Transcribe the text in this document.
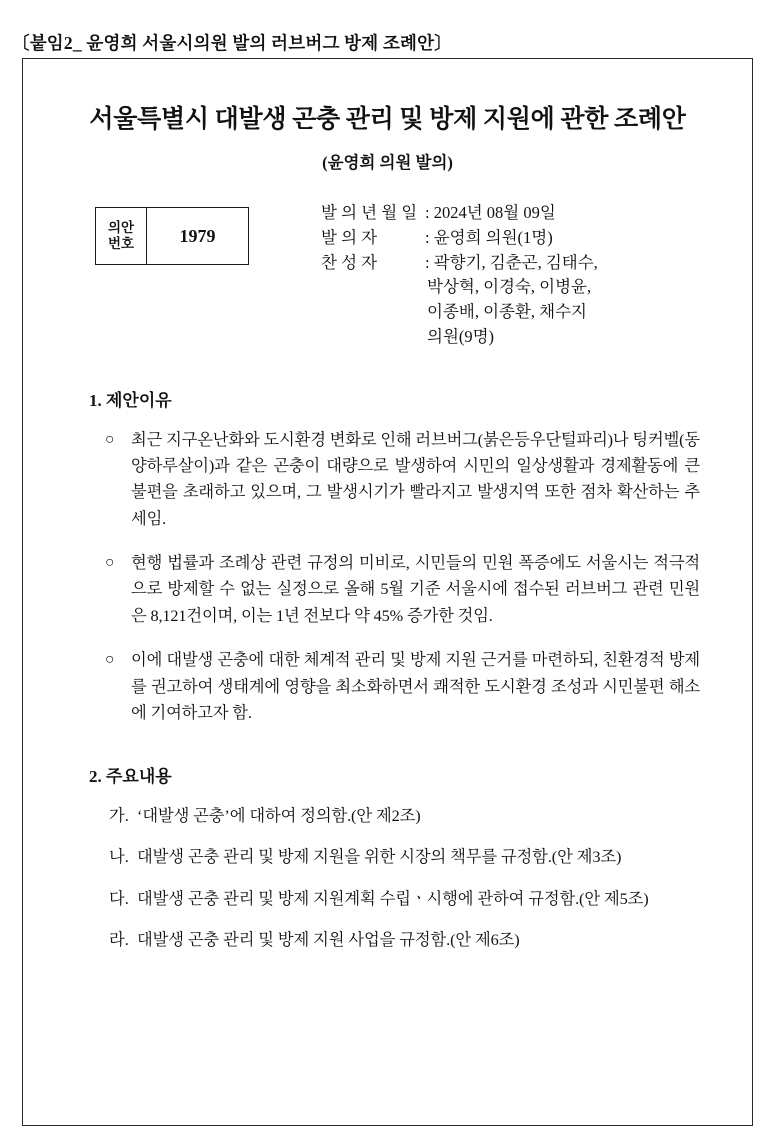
〔붙임2_ 윤영희 서울시의원 발의 러브버그 방제 조례안〕
서울특별시 대발생 곤충 관리 및 방제 지원에 관한 조례안
(윤영희 의원 발의)
의안
번호	1979
발 의 년 월 일 : 2024년 08월 09일
발 의 자	: 윤영희 의원(1명)
찬 성 자	: 곽향기, 김춘곤, 김태수,
박상혁, 이경숙, 이병윤,
이종배, 이종환, 채수지
의원(9명)
1. 제안이유
○	최근 지구온난화와 도시환경 변화로 인해 러브버그(붉은등우단털파리)나 팅커벨(동양하루살이)과 같은 곤충이 대량으로 발생하여 시민의 일상생활과 경제활동에 큰 불편을 초래하고 있으며, 그 발생시기가 빨라지고 발생지역 또한 점차 확산하는 추세임.
○	현행 법률과 조례상 관련 규정의 미비로, 시민들의 민원 폭증에도 서울시는 적극적으로 방제할 수 없는 실정으로 올해 5월 기준 서울시에 접수된 러브버그 관련 민원은 8,121건이며, 이는 1년 전보다 약 45% 증가한 것임.
○	이에 대발생 곤충에 대한 체계적 관리 및 방제 지원 근거를 마련하되, 친환경적 방제를 권고하여 생태계에 영향을 최소화하면서 쾌적한 도시환경 조성과 시민불편 해소에 기여하고자 함.
2. 주요내용
가. ‘대발생 곤충’에 대하여 정의함.(안 제2조)
나. 대발생 곤충 관리 및 방제 지원을 위한 시장의 책무를 규정함.(안 제3조)
다. 대발생 곤충 관리 및 방제 지원계획 수립ㆍ시행에 관하여 규정함.(안 제5조)
라. 대발생 곤충 관리 및 방제 지원 사업을 규정함.(안 제6조)
